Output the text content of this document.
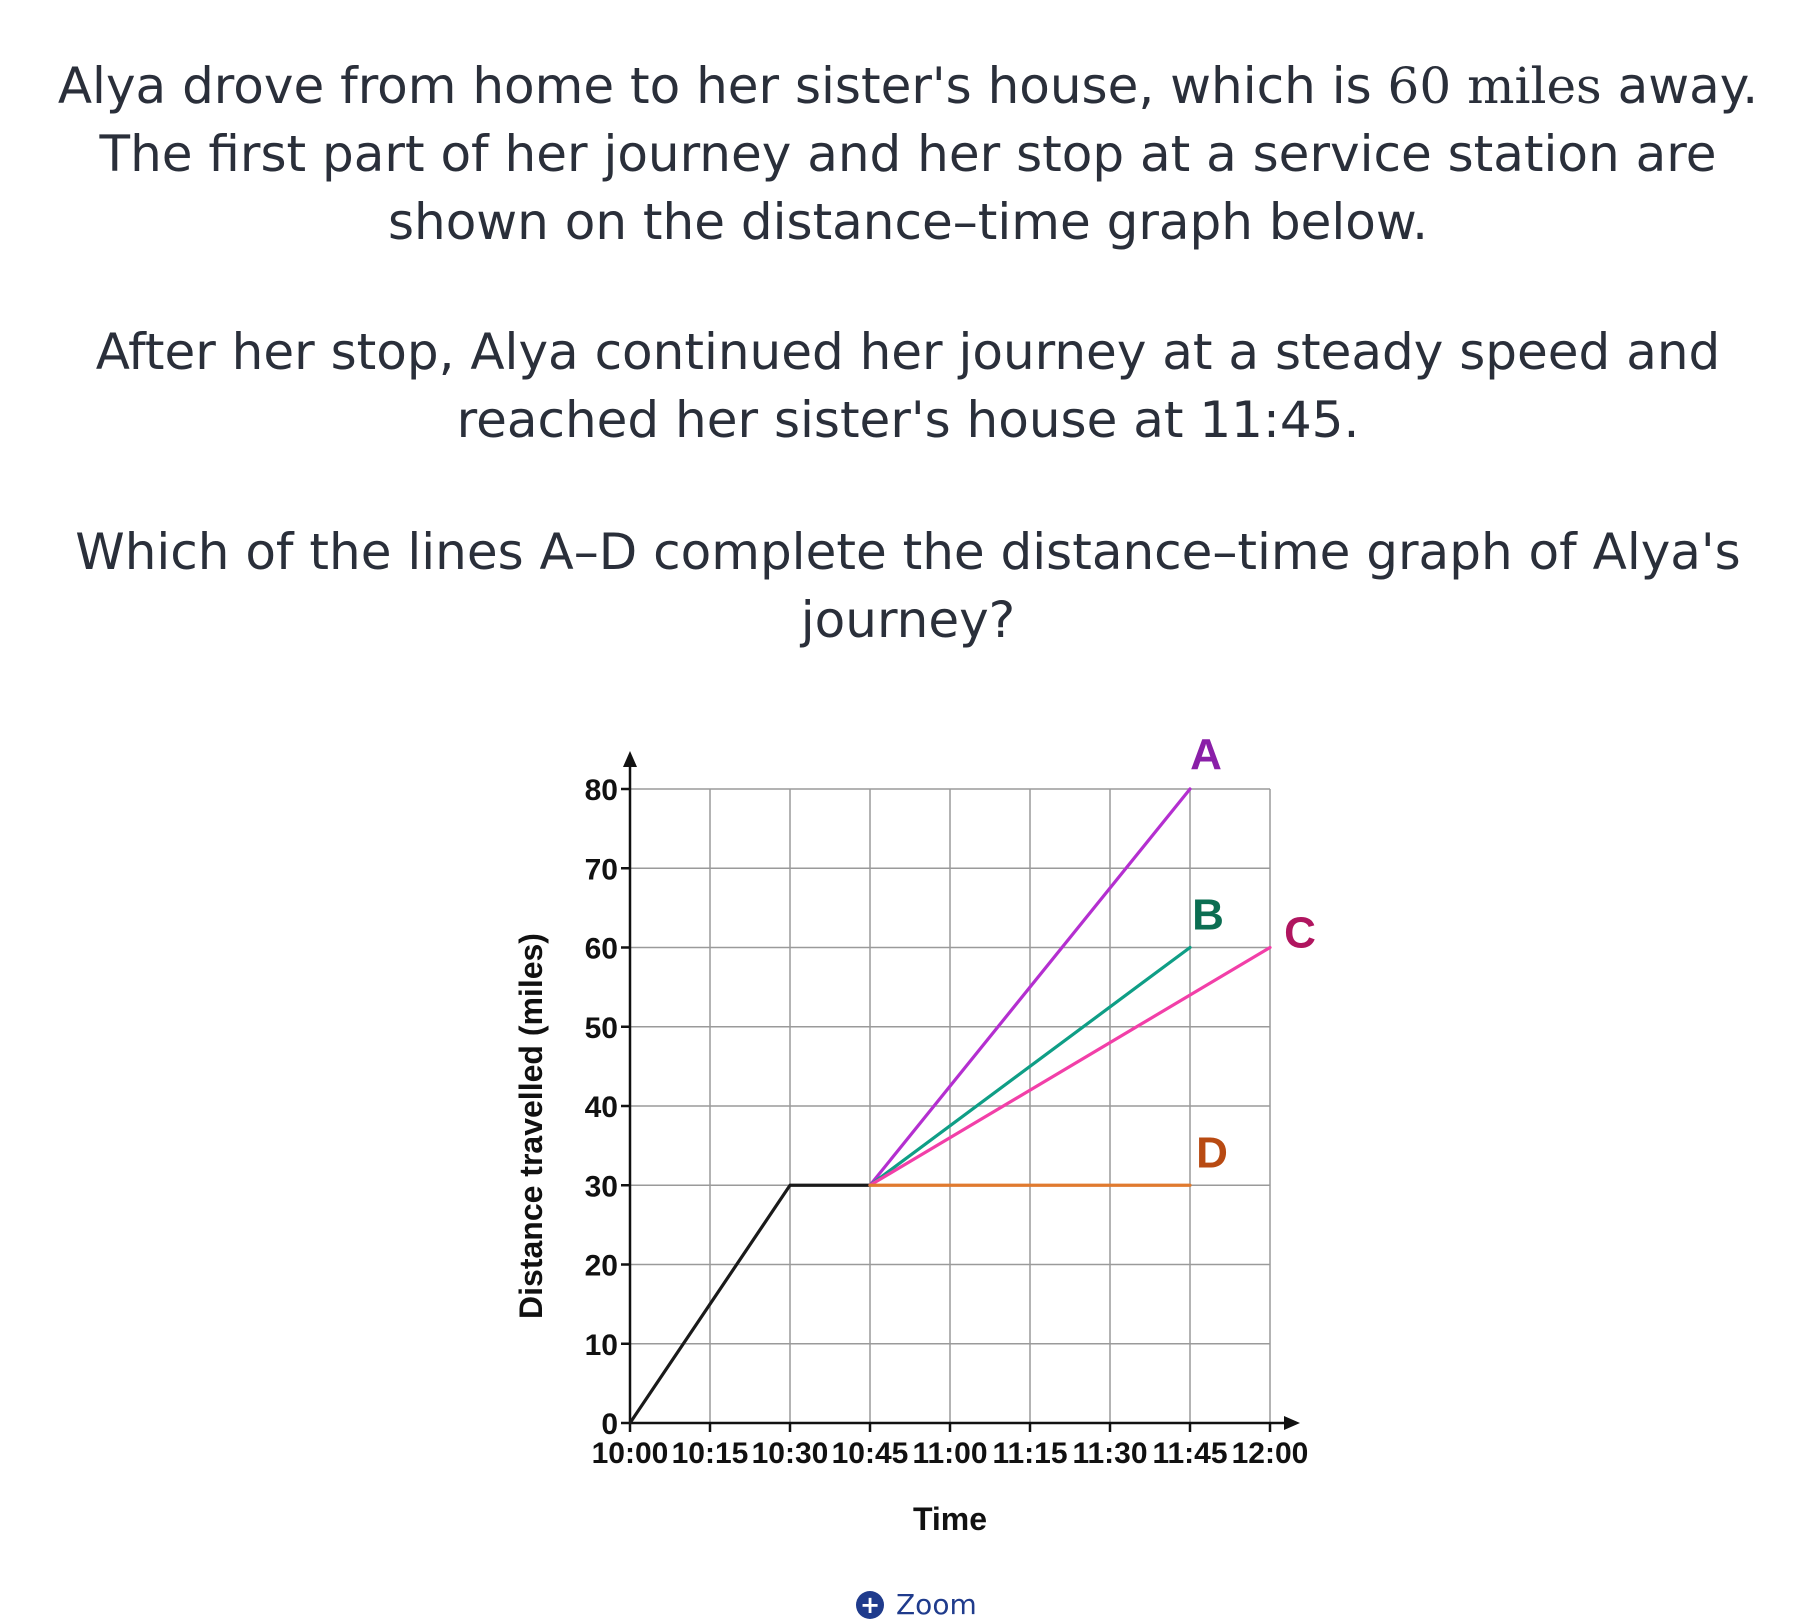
Alya drove from home to her sister's house, which is 60 miles away. The first part of her journey and her stop at a service station are shown on the distance–time graph below.
After her stop, Alya continued her journey at a steady speed and reached her sister's house at 11:45.
Which of the lines A–D complete the distance–time graph of Alya's journey?
0
10
20
30
40
50
60
70
80
10:00 10:15 10:30 10:45 11:00 11:15 11:30 11:45 12:00
Time
Distance travelled (miles)
A
B C
D
+ Zoom
